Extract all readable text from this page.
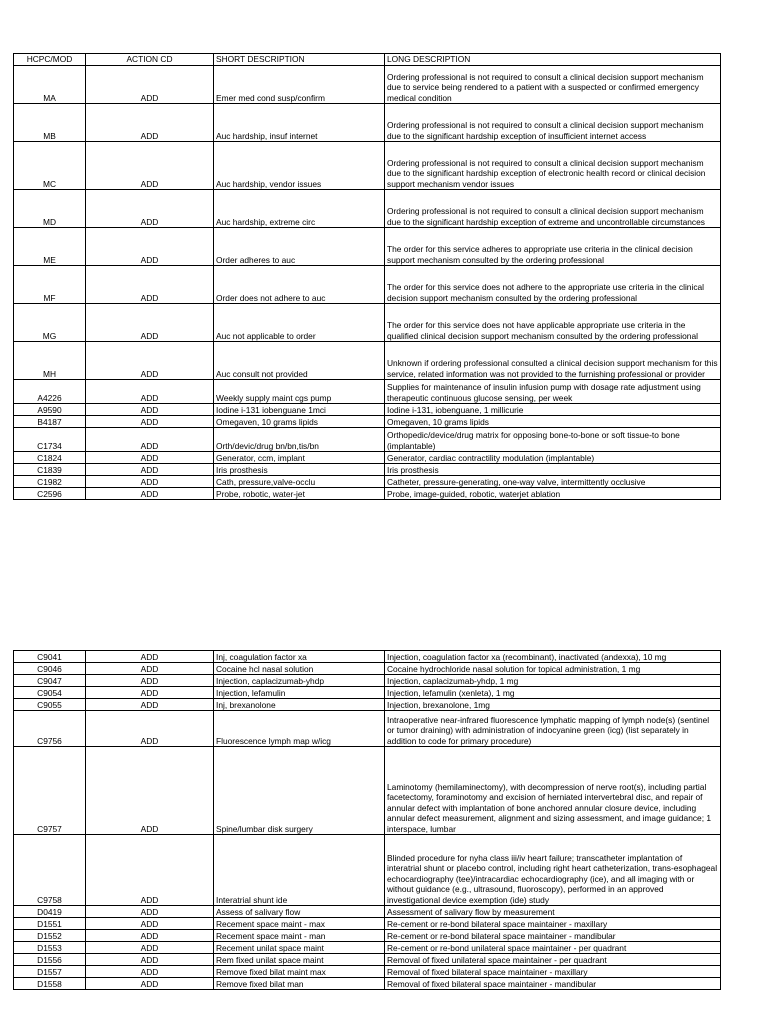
HCPC/MOD	ACTION CD	SHORT DESCRIPTION	LONG DESCRIPTION
MA	ADD	Emer med cond susp/confirm	Ordering professional is not required to consult a clinical decision support mechanism due to service being rendered to a patient with a suspected or confirmed emergency medical condition
MB	ADD	Auc hardship, insuf internet	Ordering professional is not required to consult a clinical decision support mechanism due to the significant hardship exception of insufficient internet access
MC	ADD	Auc hardship, vendor issues	Ordering professional is not required to consult a clinical decision support mechanism due to the significant hardship exception of electronic health record or clinical decision support mechanism vendor issues
MD	ADD	Auc hardship, extreme circ	Ordering professional is not required to consult a clinical decision support mechanism due to the significant hardship exception of extreme and uncontrollable circumstances
ME	ADD	Order adheres to auc	The order for this service adheres to appropriate use criteria in the clinical decision support mechanism consulted by the ordering professional
MF	ADD	Order does not adhere to auc	The order for this service does not adhere to the appropriate use criteria in the clinical decision support mechanism consulted by the ordering professional
MG	ADD	Auc not applicable to order	The order for this service does not have applicable appropriate use criteria in the qualified clinical decision support mechanism consulted by the ordering professional
MH	ADD	Auc consult not provided	Unknown if ordering professional consulted a clinical decision support mechanism for this service, related information was not provided to the furnishing professional or provider
A4226	ADD	Weekly supply maint cgs pump	Supplies for maintenance of insulin infusion pump with dosage rate adjustment using therapeutic continuous glucose sensing, per week
A9590	ADD	Iodine i-131 iobenguane 1mci	Iodine i-131, iobenguane, 1 millicurie
B4187	ADD	Omegaven, 10 grams lipids	Omegaven, 10 grams lipids
C1734	ADD	Orth/devic/drug bn/bn,tis/bn	Orthopedic/device/drug matrix for opposing bone-to-bone or soft tissue-to bone (implantable)
C1824	ADD	Generator, ccm, implant	Generator, cardiac contractility modulation (implantable)
C1839	ADD	Iris prosthesis	Iris prosthesis
C1982	ADD	Cath, pressure,valve-occlu	Catheter, pressure-generating, one-way valve, intermittently occlusive
C2596	ADD	Probe, robotic, water-jet	Probe, image-guided, robotic, waterjet ablation
C9041	ADD	Inj, coagulation factor xa	Injection, coagulation factor xa (recombinant), inactivated (andexxa), 10 mg
C9046	ADD	Cocaine hcl nasal solution	Cocaine hydrochloride nasal solution for topical administration, 1 mg
C9047	ADD	Injection, caplacizumab-yhdp	Injection, caplacizumab-yhdp, 1 mg
C9054	ADD	Injection, lefamulin	Injection, lefamulin (xenleta), 1 mg
C9055	ADD	Inj, brexanolone	Injection, brexanolone, 1mg
C9756	ADD	Fluorescence lymph map w/icg	Intraoperative near-infrared fluorescence lymphatic mapping of lymph node(s) (sentinel or tumor draining) with administration of indocyanine green (icg) (list separately in addition to code for primary procedure)
C9757	ADD	Spine/lumbar disk surgery	Laminotomy (hemilaminectomy), with decompression of nerve root(s), including partial facetectomy, foraminotomy and excision of herniated intervertebral disc, and repair of annular defect with implantation of bone anchored annular closure device, including annular defect measurement, alignment and sizing assessment, and image guidance; 1 interspace, lumbar
C9758	ADD	Interatrial shunt ide	Blinded procedure for nyha class iii/iv heart failure; transcatheter implantation of interatrial shunt or placebo control, including right heart catheterization, trans-esophageal echocardiography (tee)/intracardiac echocardiography (ice), and all imaging with or without guidance (e.g., ultrasound, fluoroscopy), performed in an approved investigational device exemption (ide) study
D0419	ADD	Assess of salivary flow	Assessment of salivary flow by measurement
D1551	ADD	Recement space maint - max	Re-cement or re-bond bilateral space maintainer - maxillary
D1552	ADD	Recement space maint - man	Re-cement or re-bond bilateral space maintainer - mandibular
D1553	ADD	Recement unilat space maint	Re-cement or re-bond unilateral space maintainer - per quadrant
D1556	ADD	Rem fixed unilat space maint	Removal of fixed unilateral space maintainer - per quadrant
D1557	ADD	Remove fixed bilat maint max	Removal of fixed bilateral space maintainer - maxillary
D1558	ADD	Remove fixed bilat man	Removal of fixed bilateral space maintainer - mandibular
